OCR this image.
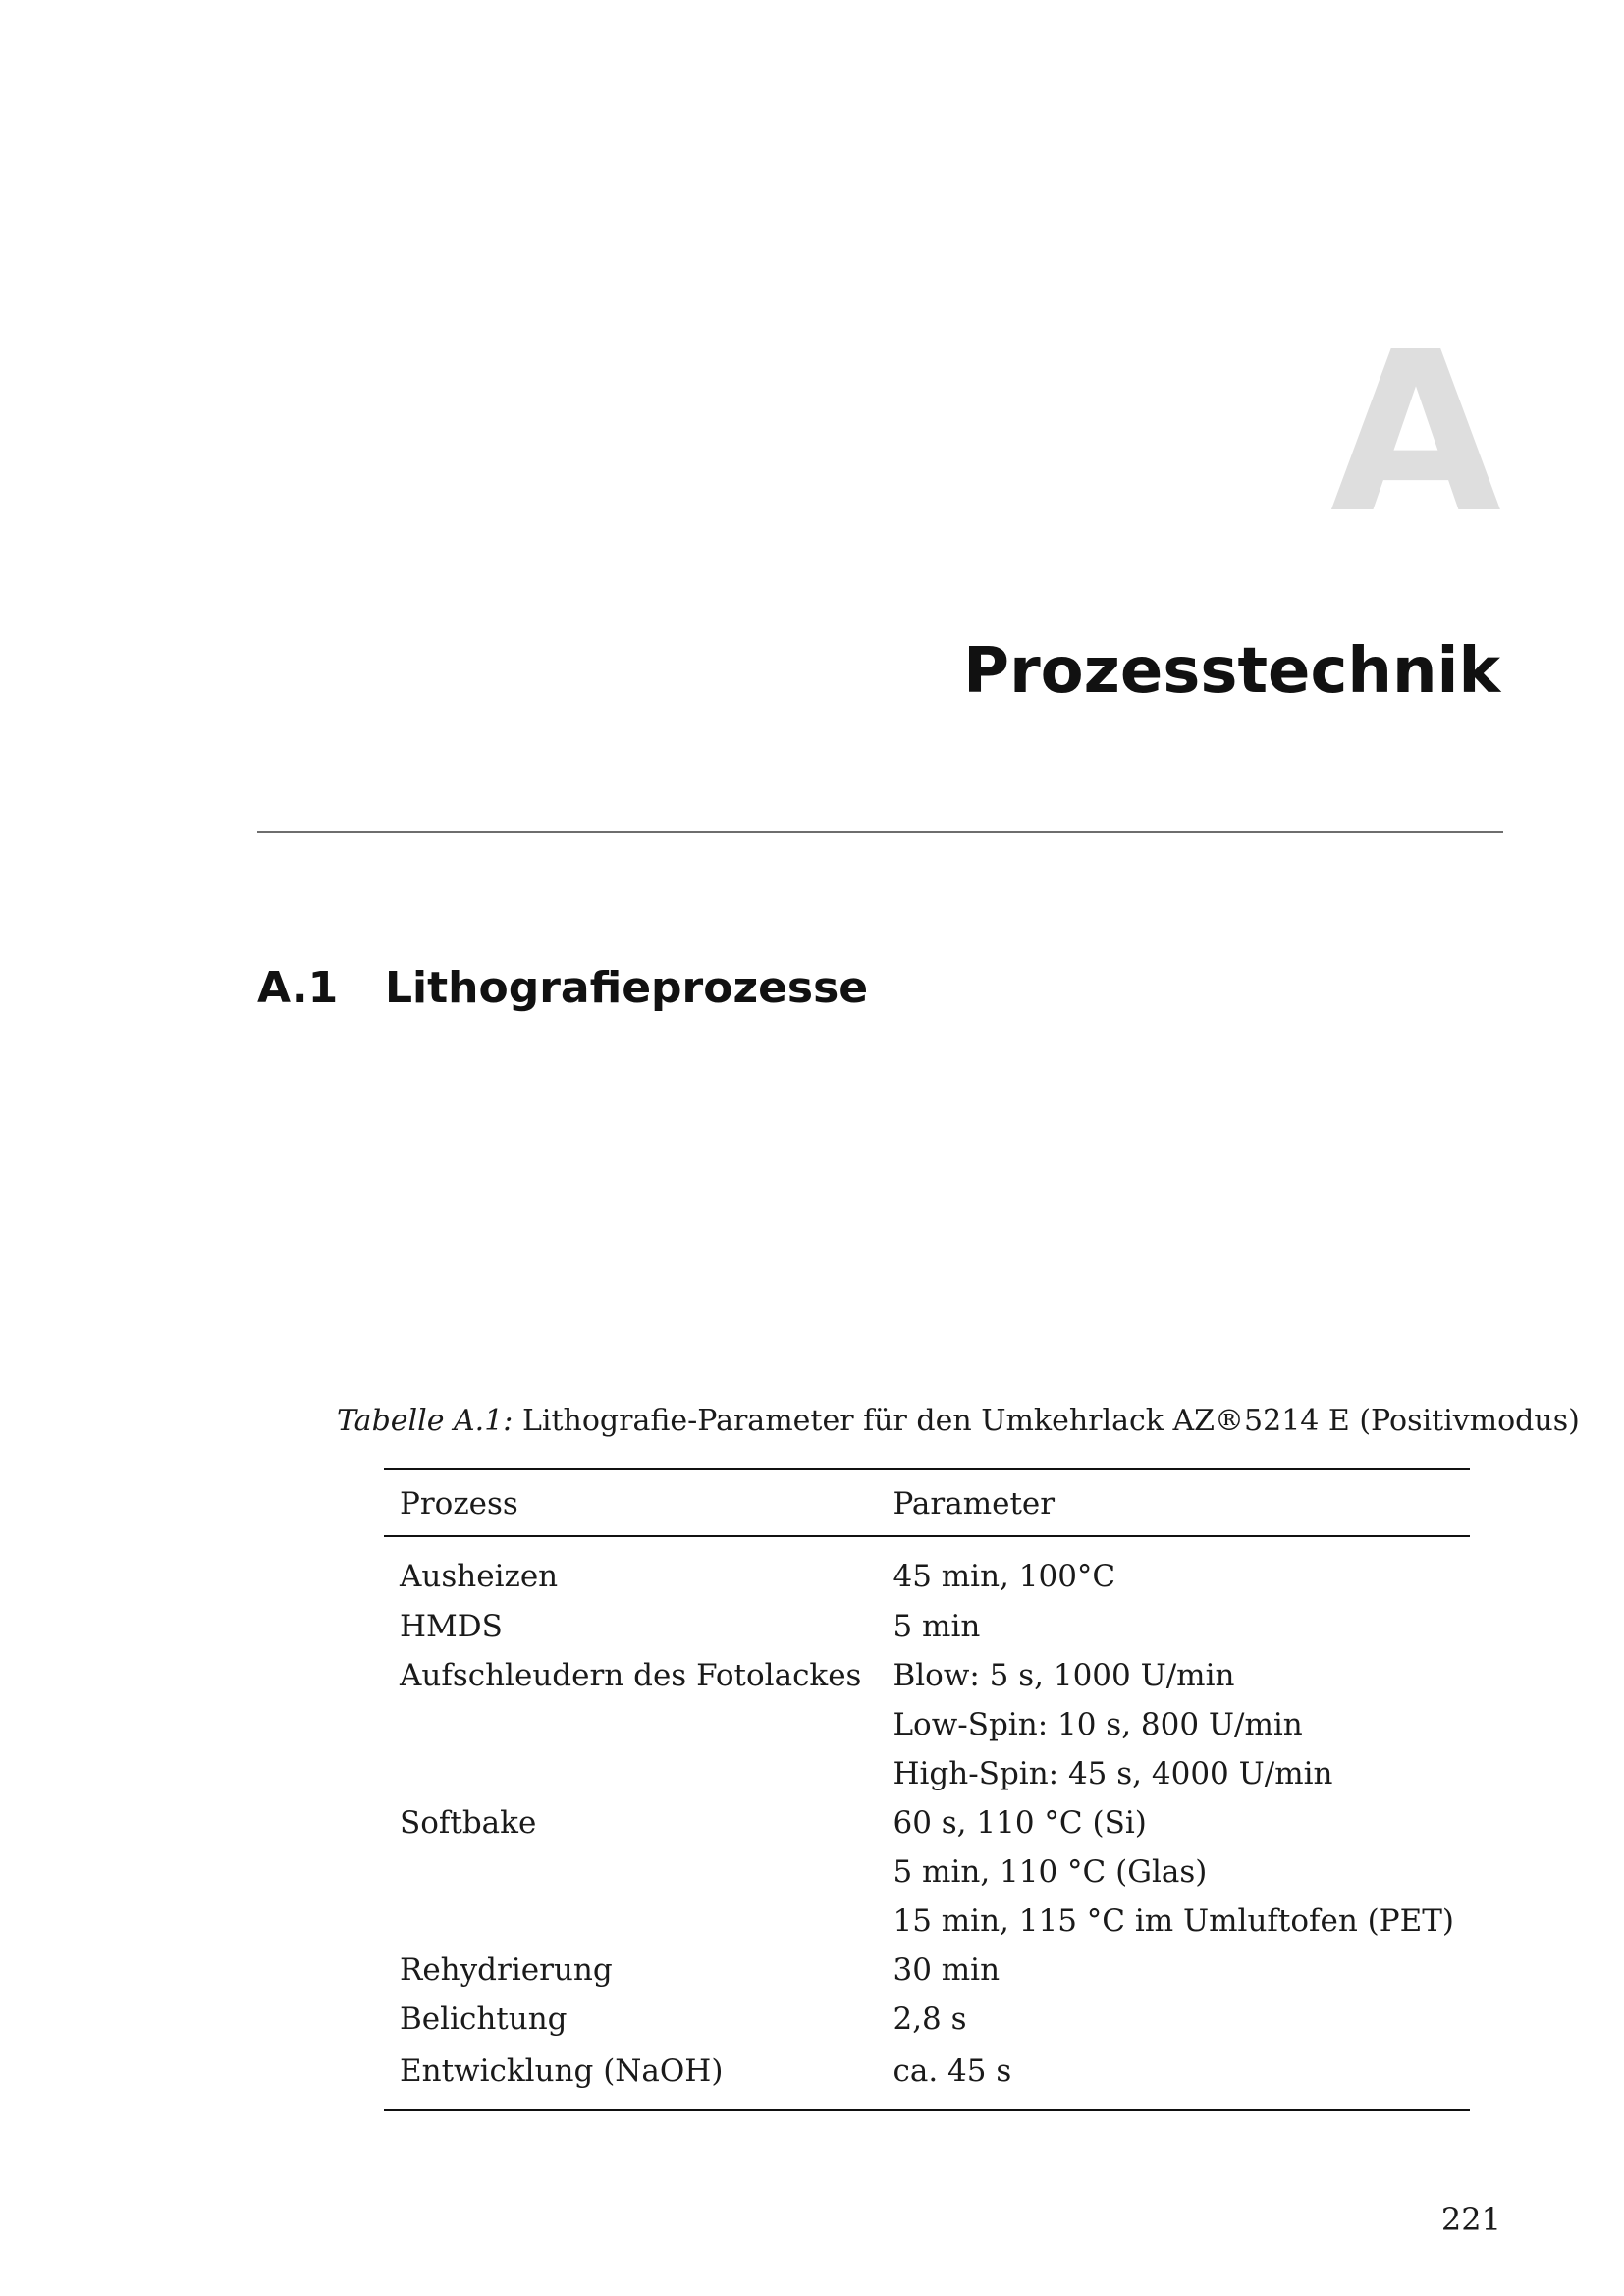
A
Prozesstechnik
A.1 Lithografieprozesse
Tabelle A.1: Lithografie-Parameter für den Umkehrlack AZ®5214 E (Positivmodus)
Prozess	Parameter
Ausheizen	45 min, 100°C
HMDS	5 min
Aufschleudern des Fotolackes	Blow: 5 s, 1000 U/min
	Low-Spin: 10 s, 800 U/min
	High-Spin: 45 s, 4000 U/min
Softbake	60 s, 110 °C (Si)
	5 min, 110 °C (Glas)
	15 min, 115 °C im Umluftofen (PET)
Rehydrierung	30 min
Belichtung	2,8 s
Entwicklung (NaOH)	ca. 45 s
221
